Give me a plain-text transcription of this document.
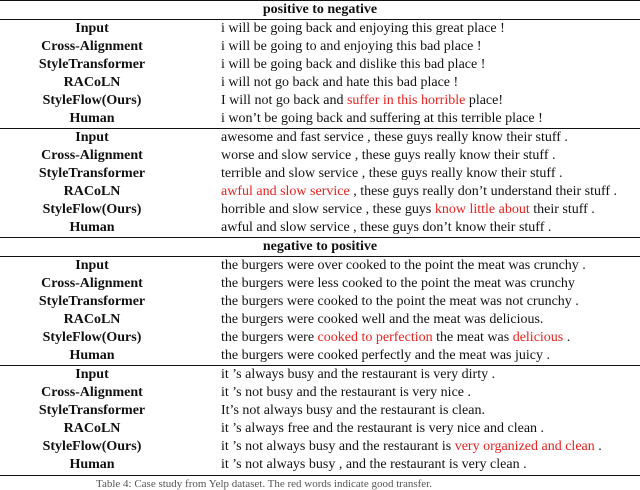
positive to negative
Input	i will be going back and enjoying this great place !
Cross-Alignment	i will be going to and enjoying this bad place !
StyleTransformer	i will be going back and dislike this bad place !
RACoLN	i will not go back and hate this bad place !
StyleFlow(Ours)	I will not go back and suffer in this horrible place!
Human	i won’t be going back and suffering at this terrible place !
Input	awesome and fast service , these guys really know their stuff .
Cross-Alignment	worse and slow service , these guys really know their stuff .
StyleTransformer	terrible and slow service , these guys really know their stuff .
RACoLN	awful and slow service , these guys really don’t understand their stuff .
StyleFlow(Ours)	horrible and slow service , these guys know little about their stuff .
Human	awful and slow service , these guys don’t know their stuff .
negative to positive
Input	the burgers were over cooked to the point the meat was crunchy .
Cross-Alignment	the burgers were less cooked to the point the meat was crunchy
StyleTransformer	the burgers were cooked to the point the meat was not crunchy .
RACoLN	the burgers were cooked well and the meat was delicious.
StyleFlow(Ours)	the burgers were cooked to perfection the meat was delicious .
Human	the burgers were cooked perfectly and the meat was juicy .
Input	it ’s always busy and the restaurant is very dirty .
Cross-Alignment	it ’s not busy and the restaurant is very nice .
StyleTransformer	It’s not always busy and the restaurant is clean.
RACoLN	it ’s always free and the restaurant is very nice and clean .
StyleFlow(Ours)	it ’s not always busy and the restaurant is very organized and clean .
Human	it ’s not always busy , and the restaurant is very clean .
Table 4: Case study from Yelp dataset. The red words indicate good transfer.
